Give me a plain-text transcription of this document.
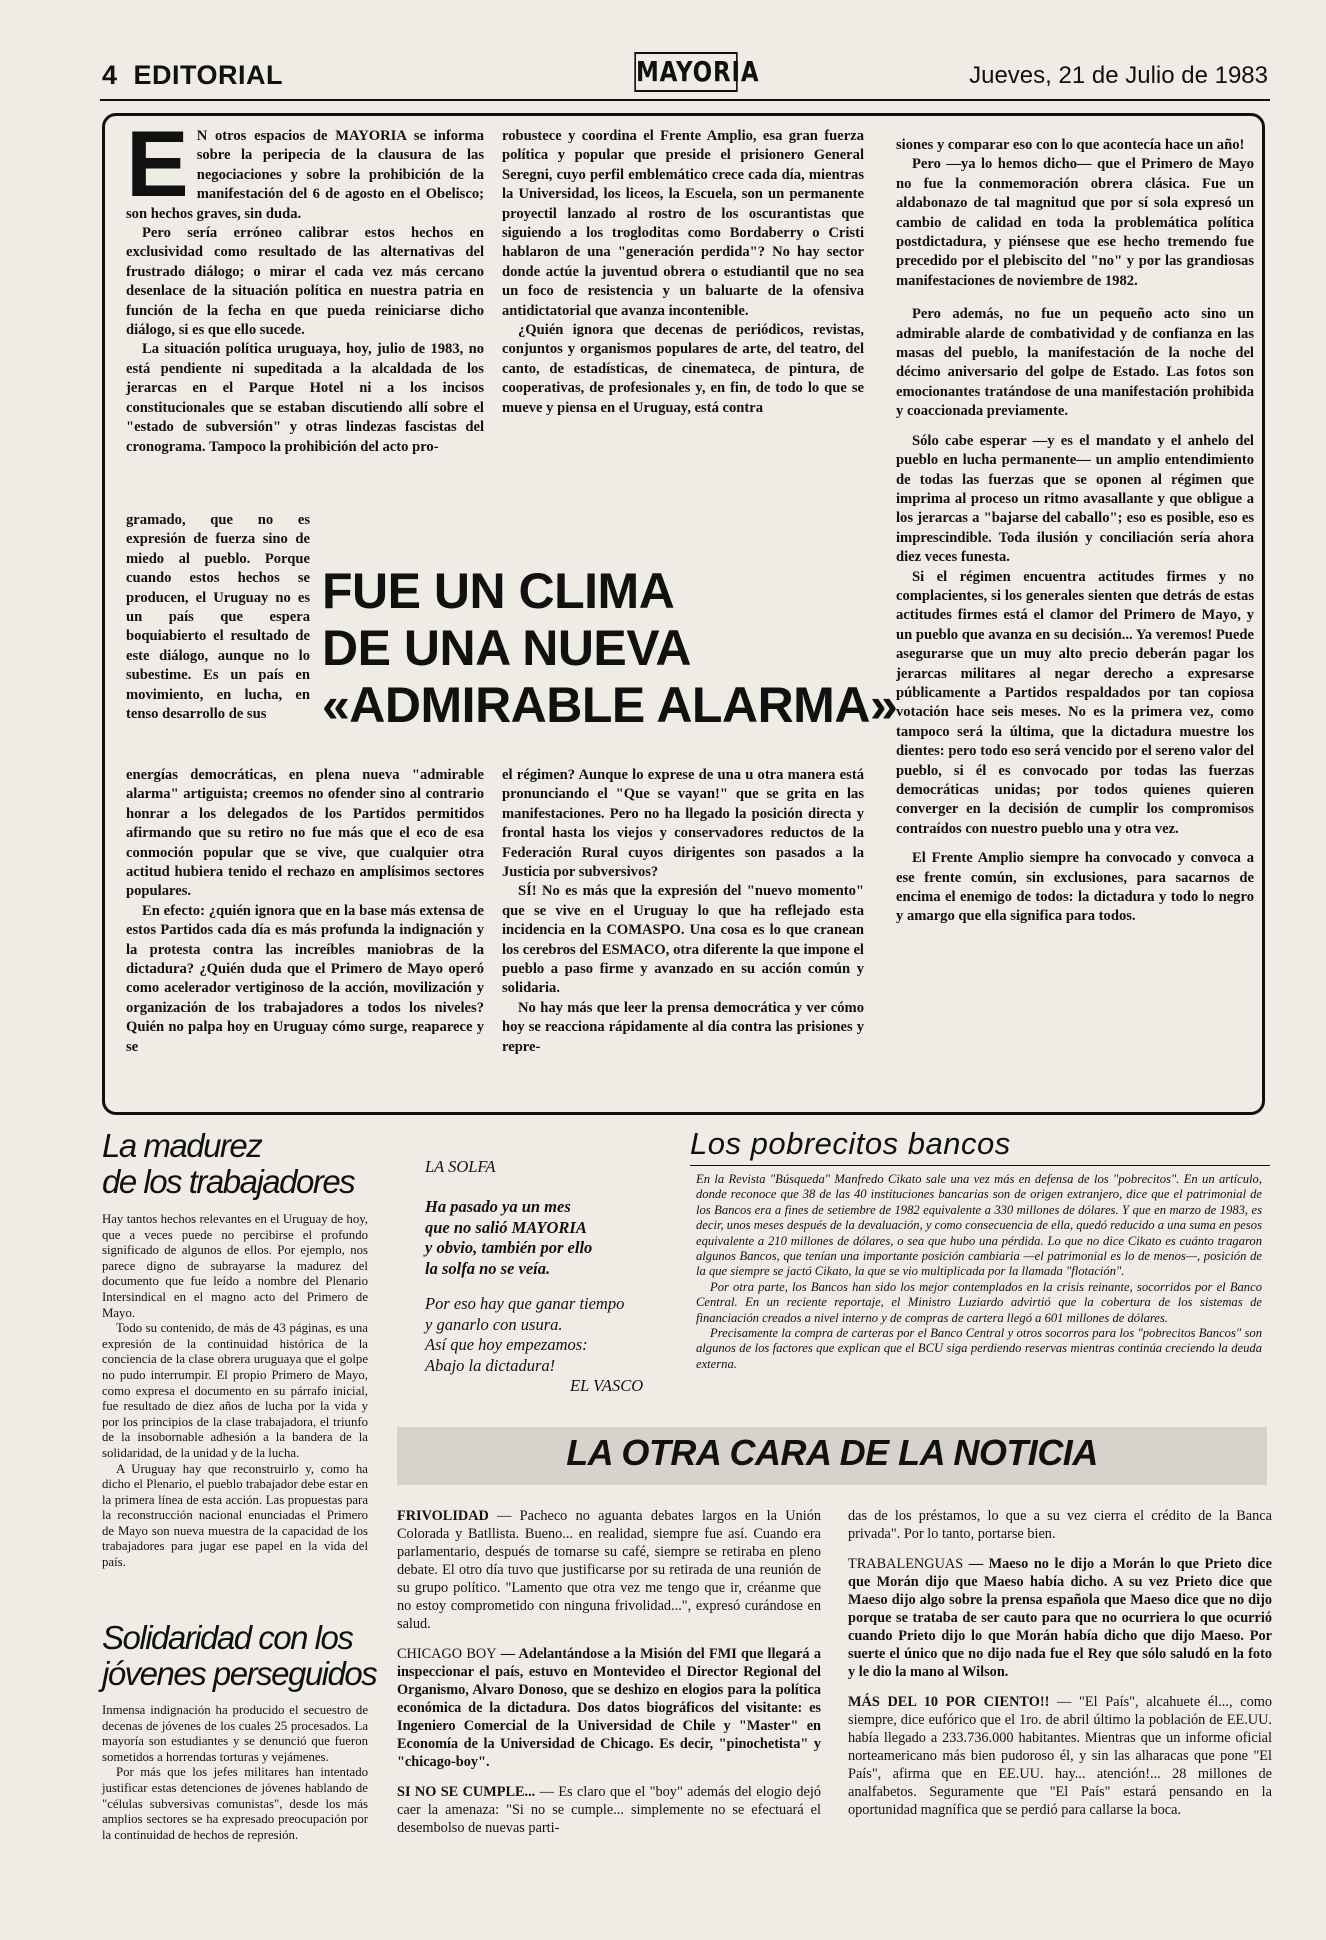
4 EDITORIAL	MAYORIA	Jueves, 21 de Julio de 1983

E N otros espacios de MAYORIA se informa sobre la peripecia de la clausura de las negociaciones y sobre la prohibición de la manifestación del 6 de agosto en el Obelisco; son hechos graves, sin duda.

Pero sería erróneo calibrar estos hechos en exclusividad como resultado de las alternativas del frustrado diálogo; o mirar el cada vez más cercano desenlace de la situación política en nuestra patria en función de la fecha en que pueda reiniciarse dicho diálogo, si es que ello sucede.

La situación política uruguaya, hoy, julio de 1983, no está pendiente ni supeditada a la alcaldada de los jerarcas en el Parque Hotel ni a los incisos constitucionales que se estaban discutiendo allí sobre el "estado de subversión" y otras lindezas fascistas del cronograma. Tampoco la prohibición del acto pro-

gramado, que no es expresión de fuerza sino de miedo al pueblo. Porque cuando estos hechos se producen, el Uruguay no es un país que espera boquiabierto el resultado de este diálogo, aunque no lo subestime. Es un país en movimiento, en lucha, en tenso desarrollo de sus

energías democráticas, en plena nueva "admirable alarma" artiguista; creemos no ofender sino al contrario honrar a los delegados de los Partidos permitidos afirmando que su retiro no fue más que el eco de esa conmoción popular que se vive, que cualquier otra actitud hubiera tenido el rechazo en amplísimos sectores populares.

En efecto: ¿quién ignora que en la base más extensa de estos Partidos cada día es más profunda la indignación y la protesta contra las increíbles maniobras de la dictadura? ¿Quién duda que el Primero de Mayo operó como acelerador vertiginoso de la acción, movilización y organización de los trabajadores a todos los niveles? Quién no palpa hoy en Uruguay cómo surge, reaparece y se

robustece y coordina el Frente Amplio, esa gran fuerza política y popular que preside el prisionero General Seregni, cuyo perfil emblemático crece cada día, mientras la Universidad, los liceos, la Escuela, son un permanente proyectil lanzado al rostro de los oscurantistas que siguiendo a los trogloditas como Bordaberry o Cristi hablaron de una "generación perdida"? No hay sector donde actúe la juventud obrera o estudiantil que no sea un foco de resistencia y un baluarte de la ofensiva antidictatorial que avanza incontenible.

¿Quién ignora que decenas de periódicos, revistas, conjuntos y organismos populares de arte, del teatro, del canto, de estadísticas, de cinemateca, de pintura, de cooperativas, de profesionales y, en fin, de todo lo que se mueve y piensa en el Uruguay, está contra

el régimen? Aunque lo exprese de una u otra manera está pronunciando el "Que se vayan!" que se grita en las manifestaciones. Pero no ha llegado la posición directa y frontal hasta los viejos y conservadores reductos de la Federación Rural cuyos dirigentes son pasados a la Justicia por subversivos?

SÍ! No es más que la expresión del "nuevo momento" que se vive en el Uruguay lo que ha reflejado esta incidencia en la COMASPO. Una cosa es lo que cranean los cerebros del ESMACO, otra diferente la que impone el pueblo a paso firme y avanzado en su acción común y solidaria.

No hay más que leer la prensa democrática y ver cómo hoy se reacciona rápidamente al día contra las prisiones y repre-

FUE UN CLIMA
DE UNA NUEVA
«ADMIRABLE ALARMA»

siones y comparar eso con lo que acontecía hace un año!

Pero —ya lo hemos dicho— que el Primero de Mayo no fue la conmemoración obrera clásica. Fue un aldabonazo de tal magnitud que por sí sola expresó un cambio de calidad en toda la problemática política postdictadura, y piénsese que ese hecho tremendo fue precedido por el plebiscito del "no" y por las grandiosas manifestaciones de noviembre de 1982.

Pero además, no fue un pequeño acto sino un admirable alarde de combatividad y de confianza en las masas del pueblo, la manifestación de la noche del décimo aniversario del golpe de Estado. Las fotos son emocionantes tratándose de una manifestación prohibida y coaccionada previamente.

Sólo cabe esperar —y es el mandato y el anhelo del pueblo en lucha permanente— un amplio entendimiento de todas las fuerzas que se oponen al régimen que imprima al proceso un ritmo avasallante y que obligue a los jerarcas a "bajarse del caballo"; eso es posible, eso es imprescindible. Toda ilusión y conciliación sería ahora diez veces funesta.

Si el régimen encuentra actitudes firmes y no complacientes, si los generales sienten que detrás de estas actitudes firmes está el clamor del Primero de Mayo, y un pueblo que avanza en su decisión... Ya veremos! Puede asegurarse que un muy alto precio deberán pagar los jerarcas militares al negar derecho a expresarse públicamente a Partidos respaldados por tan copiosa votación hace seis meses. No es la primera vez, como tampoco será la última, que la dictadura muestre los dientes: pero todo eso será vencido por el sereno valor del pueblo, si él es convocado por todas las fuerzas democráticas unidas; por todos quienes quieren converger en la decisión de cumplir los compromisos contraídos con nuestro pueblo una y otra vez.

El Frente Amplio siempre ha convocado y convoca a ese frente común, sin exclusiones, para sacarnos de encima el enemigo de todos: la dictadura y todo lo negro y amargo que ella significa para todos.

La madurez
de los trabajadores

Hay tantos hechos relevantes en el Uruguay de hoy, que a veces puede no percibirse el profundo significado de algunos de ellos. Por ejemplo, nos parece digno de subrayarse la madurez del documento que fue leído a nombre del Plenario Intersindical en el magno acto del Primero de Mayo.

Todo su contenido, de más de 43 páginas, es una expresión de la continuidad histórica de la conciencia de la clase obrera uruguaya que el golpe no pudo interrumpir. El propio Primero de Mayo, como expresa el documento en su párrafo inicial, fue resultado de diez años de lucha por la vida y por los principios de la clase trabajadora, el triunfo de la insobornable adhesión a la bandera de la solidaridad, de la unidad y de la lucha.

A Uruguay hay que reconstruirlo y, como ha dicho el Plenario, el pueblo trabajador debe estar en la primera línea de esta acción. Las propuestas para la reconstrucción nacional enunciadas el Primero de Mayo son nueva muestra de la capacidad de los trabajadores para jugar ese papel en la vida del país.

Solidaridad con los
jóvenes perseguidos

Inmensa indignación ha producido el secuestro de decenas de jóvenes de los cuales 25 procesados. La mayoría son estudiantes y se denunció que fueron sometidos a horrendas torturas y vejámenes.

Por más que los jefes militares han intentado justificar estas detenciones de jóvenes hablando de "células subversivas comunistas", desde los más amplios sectores se ha expresado preocupación por la continuidad de hechos de represión.

LA SOLFA
Ha pasado ya un mes
que no salió MAYORIA
y obvio, también por ello
la solfa no se veía.
Por eso hay que ganar tiempo
y ganarlo con usura.
Así que hoy empezamos:
Abajo la dictadura!
EL VASCO
Los pobrecitos bancos

En la Revista "Búsqueda" Manfredo Cikato sale una vez más en defensa de los "pobrecitos". En un artículo, donde reconoce que 38 de las 40 instituciones bancarias son de origen extranjero, dice que el patrimonial de los Bancos era a fines de setiembre de 1982 equivalente a 330 millones de dólares. Y que en marzo de 1983, es decir, unos meses después de la devaluación, y como consecuencia de ella, quedó reducido a una suma en pesos equivalente a 210 millones de dólares, o sea que hubo una pérdida. Lo que no dice Cikato es cuánto tragaron algunos Bancos, que tenían una importante posición cambiaria —el patrimonial es lo de menos—, posición de la que siempre se jactó Cikato, la que se vio multiplicada por la llamada "flotación".

Por otra parte, los Bancos han sido los mejor contemplados en la crisis reinante, socorridos por el Banco Central. En un reciente reportaje, el Ministro Luziardo advirtió que la cobertura de los sistemas de financiación creados a nivel interno y de compras de cartera llegó a 601 millones de dólares.

Precisamente la compra de carteras por el Banco Central y otros socorros para los "pobrecitos Bancos" son algunos de los factores que explican que el BCU siga perdiendo reservas mientras continúa creciendo la deuda externa.

LA OTRA CARA DE LA NOTICIA

FRIVOLIDAD — Pacheco no aguanta debates largos en la Unión Colorada y Batllista. Bueno... en realidad, siempre fue así. Cuando era parlamentario, después de tomarse su café, siempre se retiraba en pleno debate. El otro día tuvo que justificarse por su retirada de una reunión de su grupo político. "Lamento que otra vez me tengo que ir, créanme que no estoy comprometido con ninguna frivolidad...", expresó curándose en salud.

CHICAGO BOY — Adelantándose a la Misión del FMI que llegará a inspeccionar el país, estuvo en Montevideo el Director Regional del Organismo, Alvaro Donoso, que se deshizo en elogios para la política económica de la dictadura. Dos datos biográficos del visitante: es Ingeniero Comercial de la Universidad de Chile y "Master" en Economía de la Universidad de Chicago. Es decir, "pinochetista" y "chicago-boy".

SI NO SE CUMPLE... — Es claro que el "boy" además del elogio dejó caer la amenaza: "Si no se cumple... simplemente no se efectuará el desembolso de nuevas parti-

das de los préstamos, lo que a su vez cierra el crédito de la Banca privada". Por lo tanto, portarse bien.

TRABALENGUAS — Maeso no le dijo a Morán lo que Prieto dice que Morán dijo que Maeso había dicho. A su vez Prieto dice que Maeso dijo algo sobre la prensa española que Maeso dice que no dijo porque se trataba de ser cauto para que no ocurriera lo que ocurrió cuando Prieto dijo lo que Morán había dicho que dijo Maeso. Por suerte el único que no dijo nada fue el Rey que sólo saludó en la foto y le dio la mano al Wilson.

MÁS DEL 10 POR CIENTO!! — "El País", alcahuete él..., como siempre, dice eufórico que el 1ro. de abril último la población de EE.UU. había llegado a 233.736.000 habitantes. Mientras que un informe oficial norteamericano más bien pudoroso él, y sin las alharacas que pone "El País", afirma que en EE.UU. hay... atención!... 28 millones de analfabetos. Seguramente que "El País" estará pensando en la oportunidad magnífica que se perdió para callarse la boca.
